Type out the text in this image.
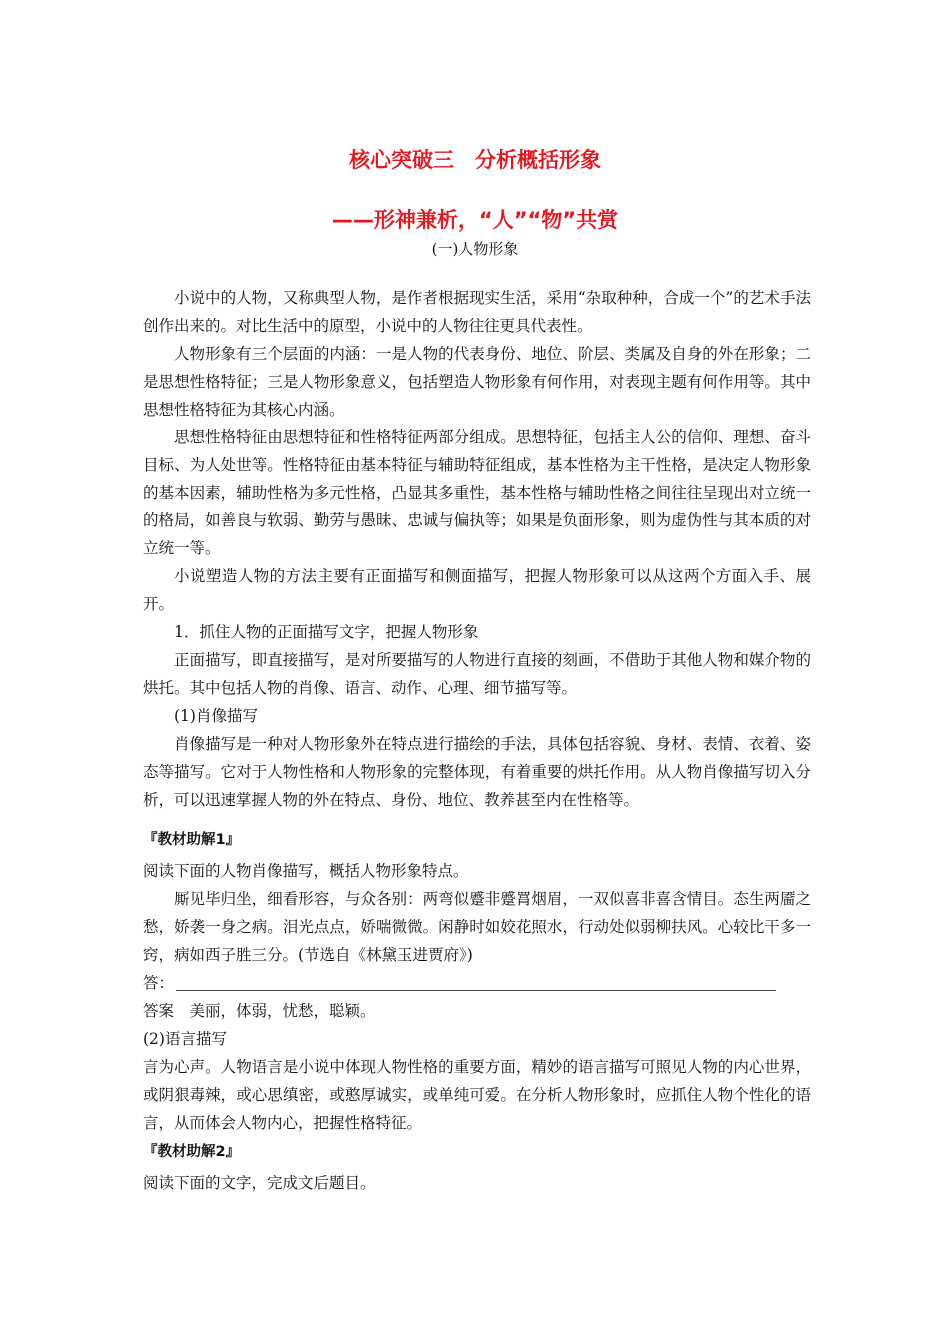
核心突破三　分析概括形象
——形神兼析，“人”“物”共赏
(一)人物形象

小说中的人物，又称典型人物，是作者根据现实生活，采用“杂取种种，合成一个”的艺术手法创作出来的。对比生活中的原型，小说中的人物往往更具代表性。

人物形象有三个层面的内涵：一是人物的代表身份、地位、阶层、类属及自身的外在形象；二是思想性格特征；三是人物形象意义，包括塑造人物形象有何作用，对表现主题有何作用等。其中思想性格特征为其核心内涵。

思想性格特征由思想特征和性格特征两部分组成。思想特征，包括主人公的信仰、理想、奋斗目标、为人处世等。性格特征由基本特征与辅助特征组成，基本性格为主干性格，是决定人物形象的基本因素，辅助性格为多元性格，凸显其多重性，基本性格与辅助性格之间往往呈现出对立统一的格局，如善良与软弱、勤劳与愚昧、忠诚与偏执等；如果是负面形象，则为虚伪性与其本质的对立统一等。

小说塑造人物的方法主要有正面描写和侧面描写，把握人物形象可以从这两个方面入手、展开。

1．抓住人物的正面描写文字，把握人物形象

正面描写，即直接描写，是对所要描写的人物进行直接的刻画，不借助于其他人物和媒介物的烘托。其中包括人物的肖像、语言、动作、心理、细节描写等。

(1)肖像描写

肖像描写是一种对人物形象外在特点进行描绘的手法，具体包括容貌、身材、表情、衣着、姿态等描写。它对于人物性格和人物形象的完整体现，有着重要的烘托作用。从人物肖像描写切入分析，可以迅速掌握人物的外在特点、身份、地位、教养甚至内在性格等。

『教材助解1』

阅读下面的人物肖像描写，概括人物形象特点。

厮见毕归坐，细看形容，与众各别：两弯似蹙非蹙罥烟眉，一双似喜非喜含情目。态生两靥之愁，娇袭一身之病。泪光点点，娇喘微微。闲静时如姣花照水，行动处似弱柳扶风。心较比干多一窍，病如西子胜三分。(节选自《林黛玉进贾府》)

答：

答案　美丽，体弱，忧愁，聪颖。

(2)语言描写

言为心声。人物语言是小说中体现人物性格的重要方面，精妙的语言描写可照见人物的内心世界，或阴狠毒辣，或心思缜密，或憨厚诚实，或单纯可爱。在分析人物形象时，应抓住人物个性化的语言，从而体会人物内心，把握性格特征。

『教材助解2』

阅读下面的文字，完成文后题目。
